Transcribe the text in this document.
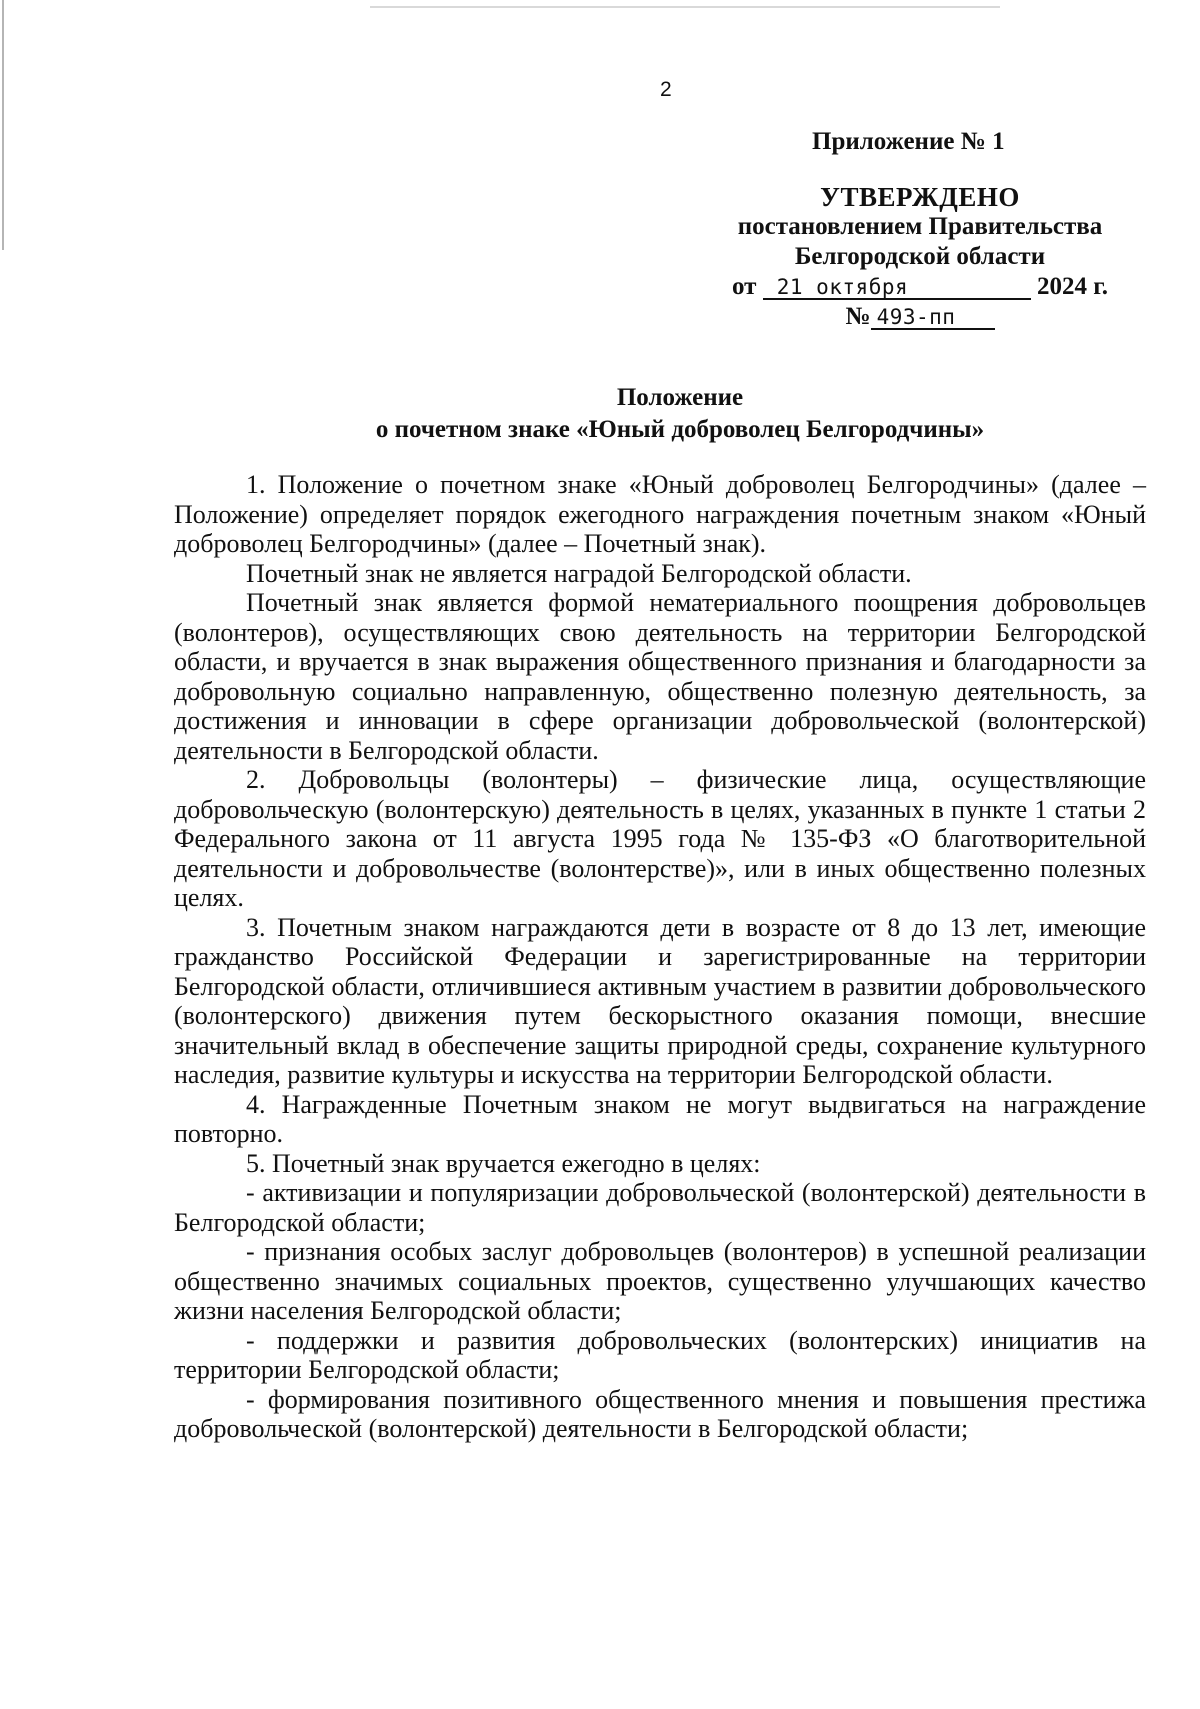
2
Приложение № 1
УТВЕРЖДЕНО
постановлением Правительства
Белгородской области
от 21 октября	2024 г.
№ 493-пп
Положение
о почетном знаке «Юный доброволец Белгородчины»

1. Положение о почетном знаке «Юный доброволец Белгородчины» (далее – Положение) определяет порядок ежегодного награждения почетным знаком «Юный доброволец Белгородчины» (далее – Почетный знак).

Почетный знак не является наградой Белгородской области.

Почетный знак является формой нематериального поощрения добровольцев (волонтеров), осуществляющих свою деятельность на территории Белгородской области, и вручается в знак выражения общественного признания и благодарности за добровольную социально направленную, общественно полезную деятельность, за достижения и инновации в сфере организации добровольческой (волонтерской) деятельности в Белгородской области.

2. Добровольцы (волонтеры) – физические лица, осуществляющие добровольческую (волонтерскую) деятельность в целях, указанных в пункте 1 статьи 2 Федерального закона от 11 августа 1995 года № 135-ФЗ «О благотворительной деятельности и добровольчестве (волонтерстве)», или в иных общественно полезных целях.

3. Почетным знаком награждаются дети в возрасте от 8 до 13 лет, имеющие гражданство Российской Федерации и зарегистрированные на территории Белгородской области, отличившиеся активным участием в развитии добровольческого (волонтерского) движения путем бескорыстного оказания помощи, внесшие значительный вклад в обеспечение защиты природной среды, сохранение культурного наследия, развитие культуры и искусства на территории Белгородской области.

4. Награжденные Почетным знаком не могут выдвигаться на награждение повторно.

5. Почетный знак вручается ежегодно в целях:

- активизации и популяризации добровольческой (волонтерской) деятельности в Белгородской области;

- признания особых заслуг добровольцев (волонтеров) в успешной реализации общественно значимых социальных проектов, существенно улучшающих качество жизни населения Белгородской области;

- поддержки и развития добровольческих (волонтерских) инициатив на территории Белгородской области;

- формирования позитивного общественного мнения и повышения престижа добровольческой (волонтерской) деятельности в Белгородской области;
